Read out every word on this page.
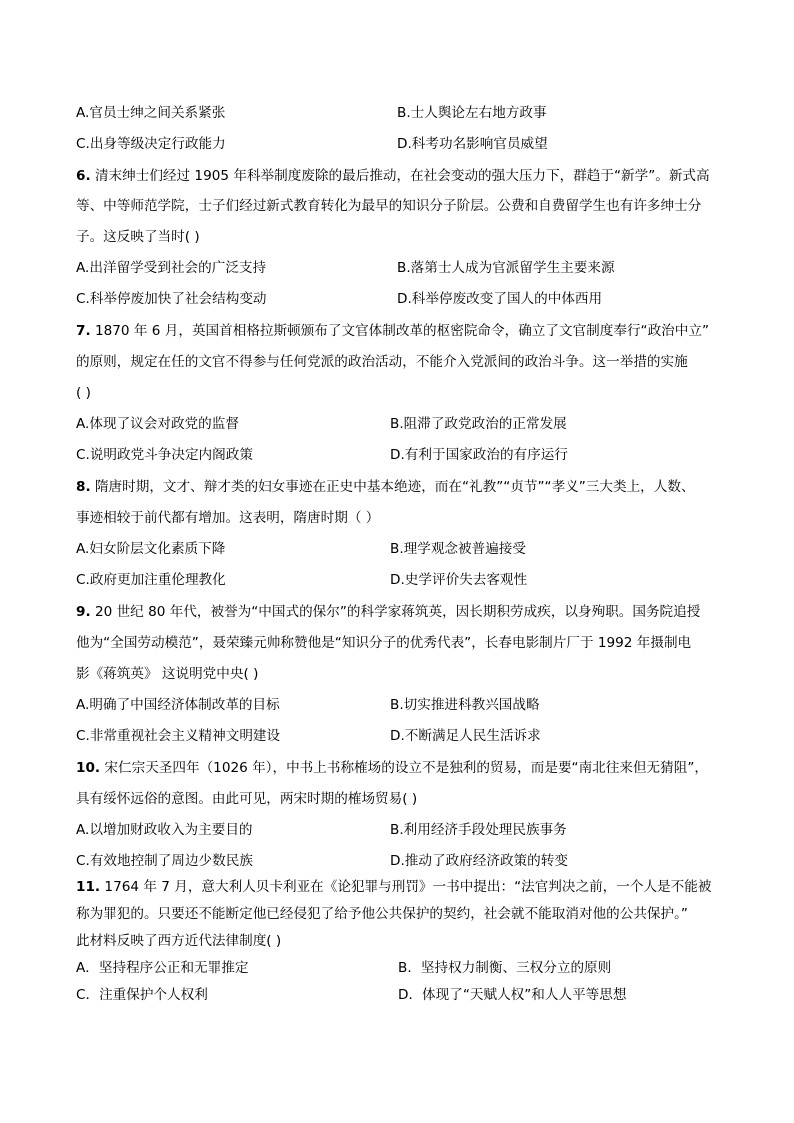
A.官员士绅之间关系紧张	B.士人舆论左右地方政事
C.出身等级决定行政能力	D.科考功名影响官员威望
6. 清末绅士们经过 1905 年科举制度废除的最后推动，在社会变动的强大压力下，群趋于“新学”。新式高
等、中等师范学院，士子们经过新式教育转化为最早的知识分子阶层。公费和自费留学生也有许多绅士分
子。这反映了当时( )
A.出洋留学受到社会的广泛支持	B.落第士人成为官派留学生主要来源
C.科举停废加快了社会结构变动	D.科举停废改变了国人的中体西用
7. 1870 年 6 月，英国首相格拉斯顿颁布了文官体制改革的枢密院命令，确立了文官制度奉行“政治中立”
的原则，规定在任的文官不得参与任何党派的政治活动，不能介入党派间的政治斗争。这一举措的实施
( )
A.体现了议会对政党的监督	B.阻滞了政党政治的正常发展
C.说明政党斗争决定内阁政策	D.有利于国家政治的有序运行
8. 隋唐时期，文才、辩才类的妇女事迹在正史中基本绝迹，而在“礼教”“贞节”“孝义”三大类上，人数、
事迹相较于前代都有增加。这表明，隋唐时期（ ）
A.妇女阶层文化素质下降	B.理学观念被普遍接受
C.政府更加注重伦理教化	D.史学评价失去客观性
9. 20 世纪 80 年代，被誉为“中国式的保尔”的科学家蒋筑英，因长期积劳成疾，以身殉职。国务院追授
他为“全国劳动模范”，聂荣臻元帅称赞他是“知识分子的优秀代表”，长春电影制片厂于 1992 年摄制电
影《蒋筑英》 这说明党中央( )
A.明确了中国经济体制改革的目标	B.切实推进科教兴国战略
C.非常重视社会主义精神文明建设	D.不断满足人民生活诉求
10. 宋仁宗天圣四年（1026 年），中书上书称榷场的设立不是独利的贸易，而是要“南北往来但无猜阻”，
具有绥怀远俗的意图。由此可见，两宋时期的榷场贸易( )
A.以增加财政收入为主要目的	B.利用经济手段处理民族事务
C.有效地控制了周边少数民族	D.推动了政府经济政策的转变
11. 1764 年 7 月，意大利人贝卡利亚在《论犯罪与刑罚》一书中提出：“法官判决之前，一个人是不能被
称为罪犯的。只要还不能断定他已经侵犯了给予他公共保护的契约，社会就不能取消对他的公共保护。”
此材料反映了西方近代法律制度( )
A．坚持程序公正和无罪推定	B．坚持权力制衡、三权分立的原则
C．注重保护个人权利	D．体现了“天赋人权”和人人平等思想
